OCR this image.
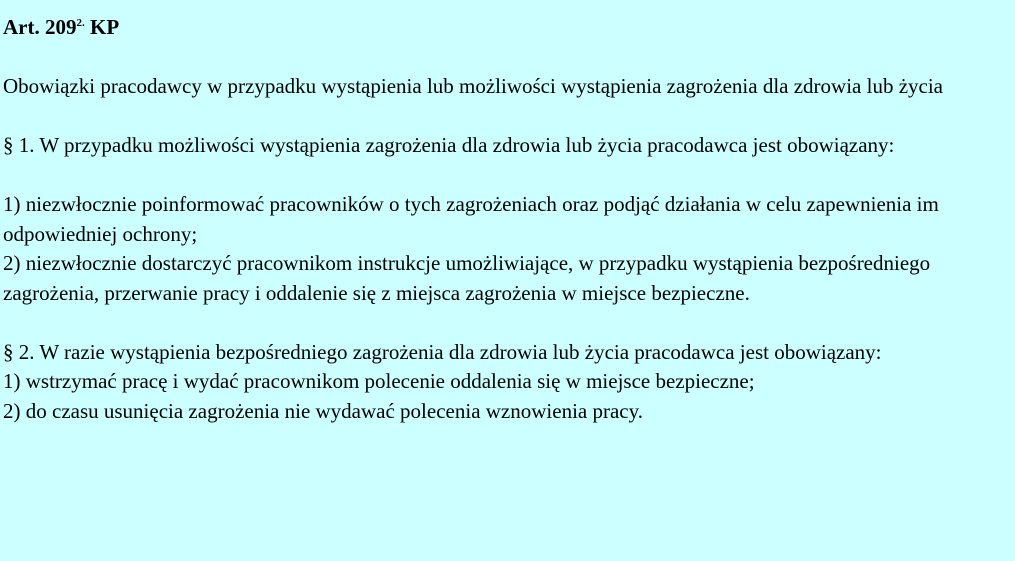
Art. $209^{2.}$ KP

Obowiązki pracodawcy w przypadku wystąpienia lub możliwości wystąpienia zagrożenia dla zdrowia lub życia

§ 1. W przypadku możliwości wystąpienia zagrożenia dla zdrowia lub życia pracodawca jest obowiązany:

1) niezwłocznie poinformować pracowników o tych zagrożeniach oraz podjąć działania w celu zapewnienia im odpowiedniej ochrony;

2) niezwłocznie dostarczyć pracownikom instrukcje umożliwiające, w przypadku wystąpienia bezpośredniego zagrożenia, przerwanie pracy i oddalenie się z miejsca zagrożenia w miejsce bezpieczne.

§ 2. W razie wystąpienia bezpośredniego zagrożenia dla zdrowia lub życia pracodawca jest obowiązany:

1) wstrzymać pracę i wydać pracownikom polecenie oddalenia się w miejsce bezpieczne;

2) do czasu usunięcia zagrożenia nie wydawać polecenia wznowienia pracy.
